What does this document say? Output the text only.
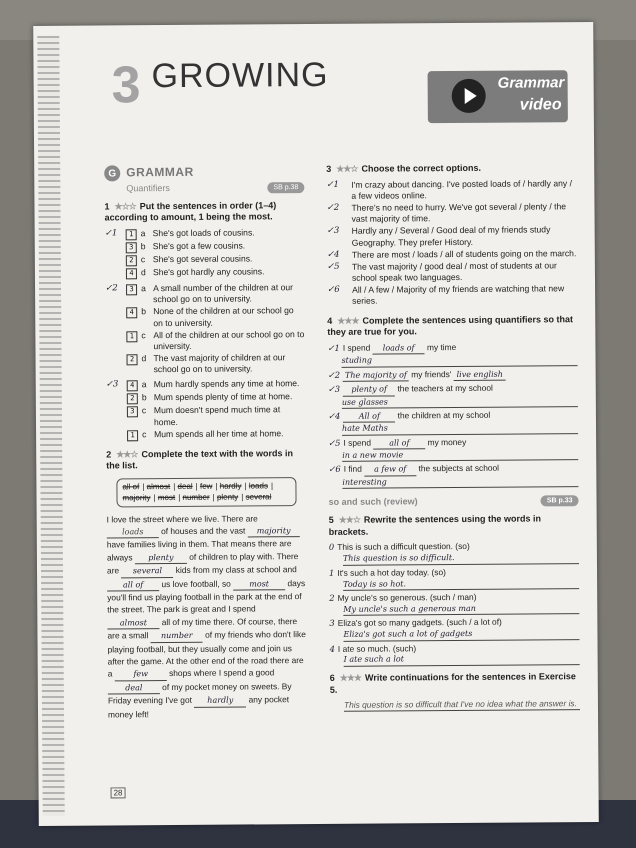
3 GROWING	Grammar
video
G GRAMMAR
Quantifiers	SB p.38
1 ★☆☆ Put the sentences in order (1–4) according to amount, 1 being the most.
✓1	1 a She's got loads of cousins.
3 b She's got a few cousins.
2 c She's got several cousins.
4 d She's got hardly any cousins.
✓2	3 a A small number of the children at our school go on to university.
4 b None of the children at our school go on to university.
1 c All of the children at our school go on to university.
2 d The vast majority of children at our school go on to university.
✓3	4 a Mum hardly spends any time at home.
2 b Mum spends plenty of time at home.
3 c Mum doesn't spend much time at home.
1 c Mum spends all her time at home.
2 ★★☆ Complete the text with the words in the list.
all of | almost | deal | few | hardly | loads | majority | most | number | plenty | several
I love the street where we live. There are
loads of houses and the vast majority have families living in them. That means there are always plenty of children to play with. There are several kids from my class at school and all of us love football, so most days you'll find us playing football in the park at the end of the street. The park is great and I spend almost all of my time there. Of course, there are a small number of my friends who don't like playing football, but they usually come and join us after the game. At the other end of the road there are a	few shops where I spend a good deal of my pocket money on sweets. By Friday evening I've got hardly any pocket money left!
3 ★★☆ Choose the correct options.
✓1	I'm crazy about dancing. I've posted loads of / hardly any / a few videos online.
✓2	There's no need to hurry. We've got several / plenty / the vast majority of time.
✓3	Hardly any / Several / Good deal of my friends study Geography. They prefer History.
✓4	There are most / loads / all of students going on the march.
✓5	The vast majority / good deal / most of students at our school speak two languages.
✓6	All / A few / Majority of my friends are watching that new series.
4 ★★★ Complete the sentences using quantifiers so that they are true for you.
✓1 I spend loads of my time
studing
✓2 The majority of my friends' live english
✓3 plenty of the teachers at my school
use glasses
✓4 All of the children at my school
hate Maths
✓5 I spend all of my money
in a new movie
✓6 I find a few of the subjects at school
interesting
so and such (review)	SB p.33
5 ★★☆ Rewrite the sentences using the words in brackets.
0 This is such a difficult question. (so)
This question is so difficult.
1 It's such a hot day today. (so)
Today is so hot.
2 My uncle's so generous. (such / man)
My uncle's such a generous man
3 Eliza's got so many gadgets. (such / a lot of)
Eliza's got such a lot of gadgets
4 I ate so much. (such)
I ate such a lot
6 ★★★ Write continuations for the sentences in Exercise 5.
This question is so difficult that I've no idea what the answer is.
28
